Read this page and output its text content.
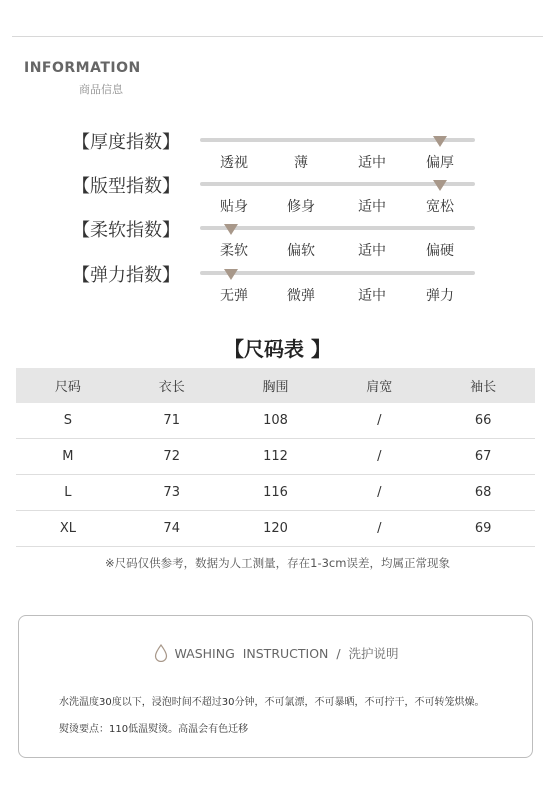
INFORMATION
商品信息
【厚度指数】
透视	薄	适中	偏厚
【版型指数】
贴身	修身	适中	宽松
【柔软指数】
柔软	偏软	适中	偏硬
【弹力指数】
无弹	微弹	适中	弹力
【尺码表 】
尺码	衣长	胸围	肩宽	袖长
S	71	108	/	66
M	72	112	/	67
L	73	116	/	68
XL	74	120	/	69
※尺码仅供参考，数据为人工测量，存在1-3cm误差，均属正常现象
WASHING  INSTRUCTION  /  洗护说明
水洗温度30度以下，浸泡时间不超过30分钟，不可氯漂，不可暴晒，不可拧干，不可转笼烘燥。
熨烫要点：110低温熨烫。高温会有色迁移
